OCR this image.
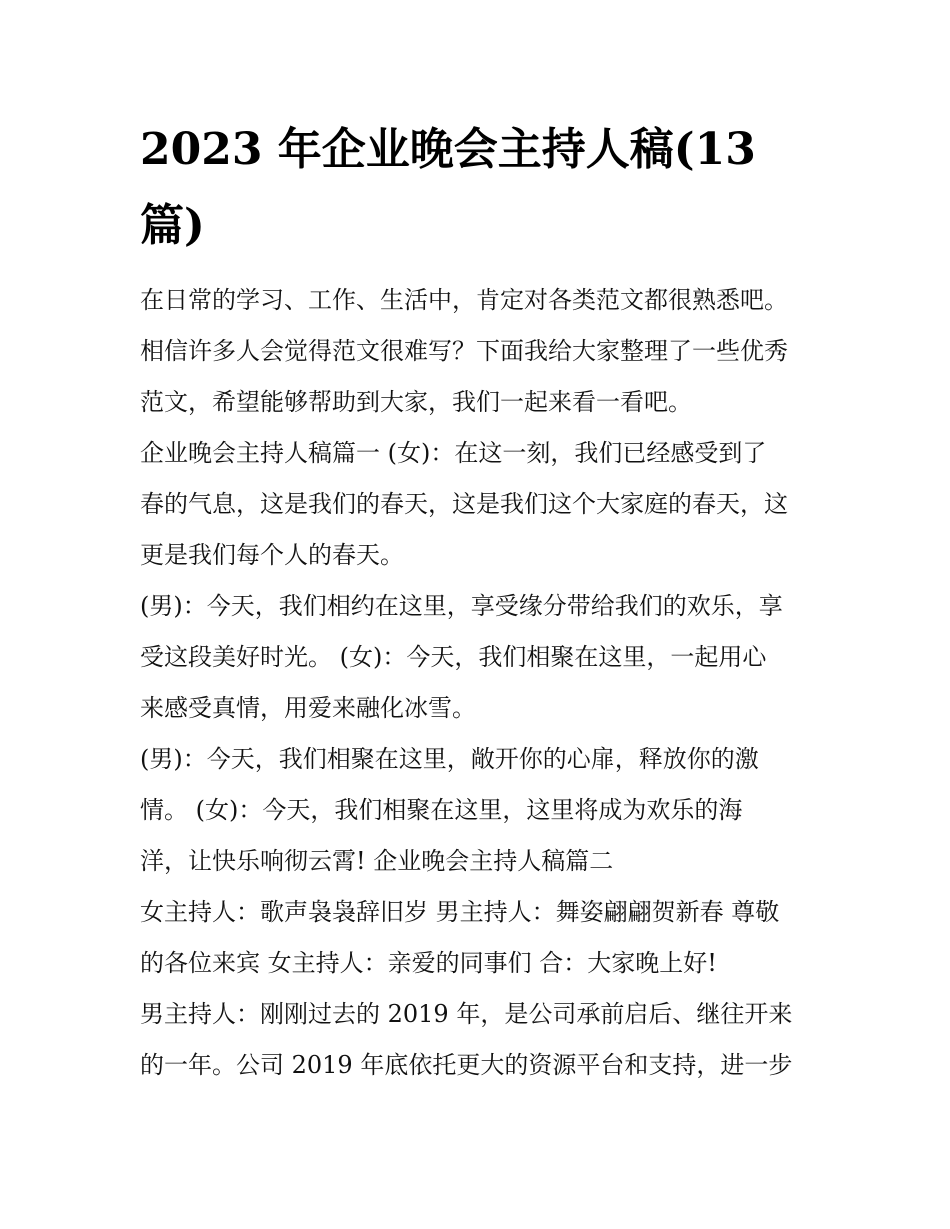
2023 年企业晚会主持人稿(13
篇)
在日常的学习、工作、生活中，肯定对各类范文都很熟悉吧。
相信许多人会觉得范文很难写？下面我给大家整理了一些优秀
范文，希望能够帮助到大家，我们一起来看一看吧。
企业晚会主持人稿篇一 (女)：在这一刻，我们已经感受到了
春的气息，这是我们的春天，这是我们这个大家庭的春天，这
更是我们每个人的春天。
(男)：今天，我们相约在这里，享受缘分带给我们的欢乐，享
受这段美好时光。 (女)：今天，我们相聚在这里，一起用心
来感受真情，用爱来融化冰雪。
(男)：今天，我们相聚在这里，敞开你的心扉，释放你的激
情。 (女)：今天，我们相聚在这里，这里将成为欢乐的海
洋，让快乐响彻云霄! 企业晚会主持人稿篇二
女主持人：歌声袅袅辞旧岁 男主持人：舞姿翩翩贺新春 尊敬
的各位来宾 女主持人：亲爱的同事们 合：大家晚上好!
男主持人：刚刚过去的 2019 年，是公司承前启后、继往开来
的一年。公司 2019 年底依托更大的资源平台和支持，进一步
